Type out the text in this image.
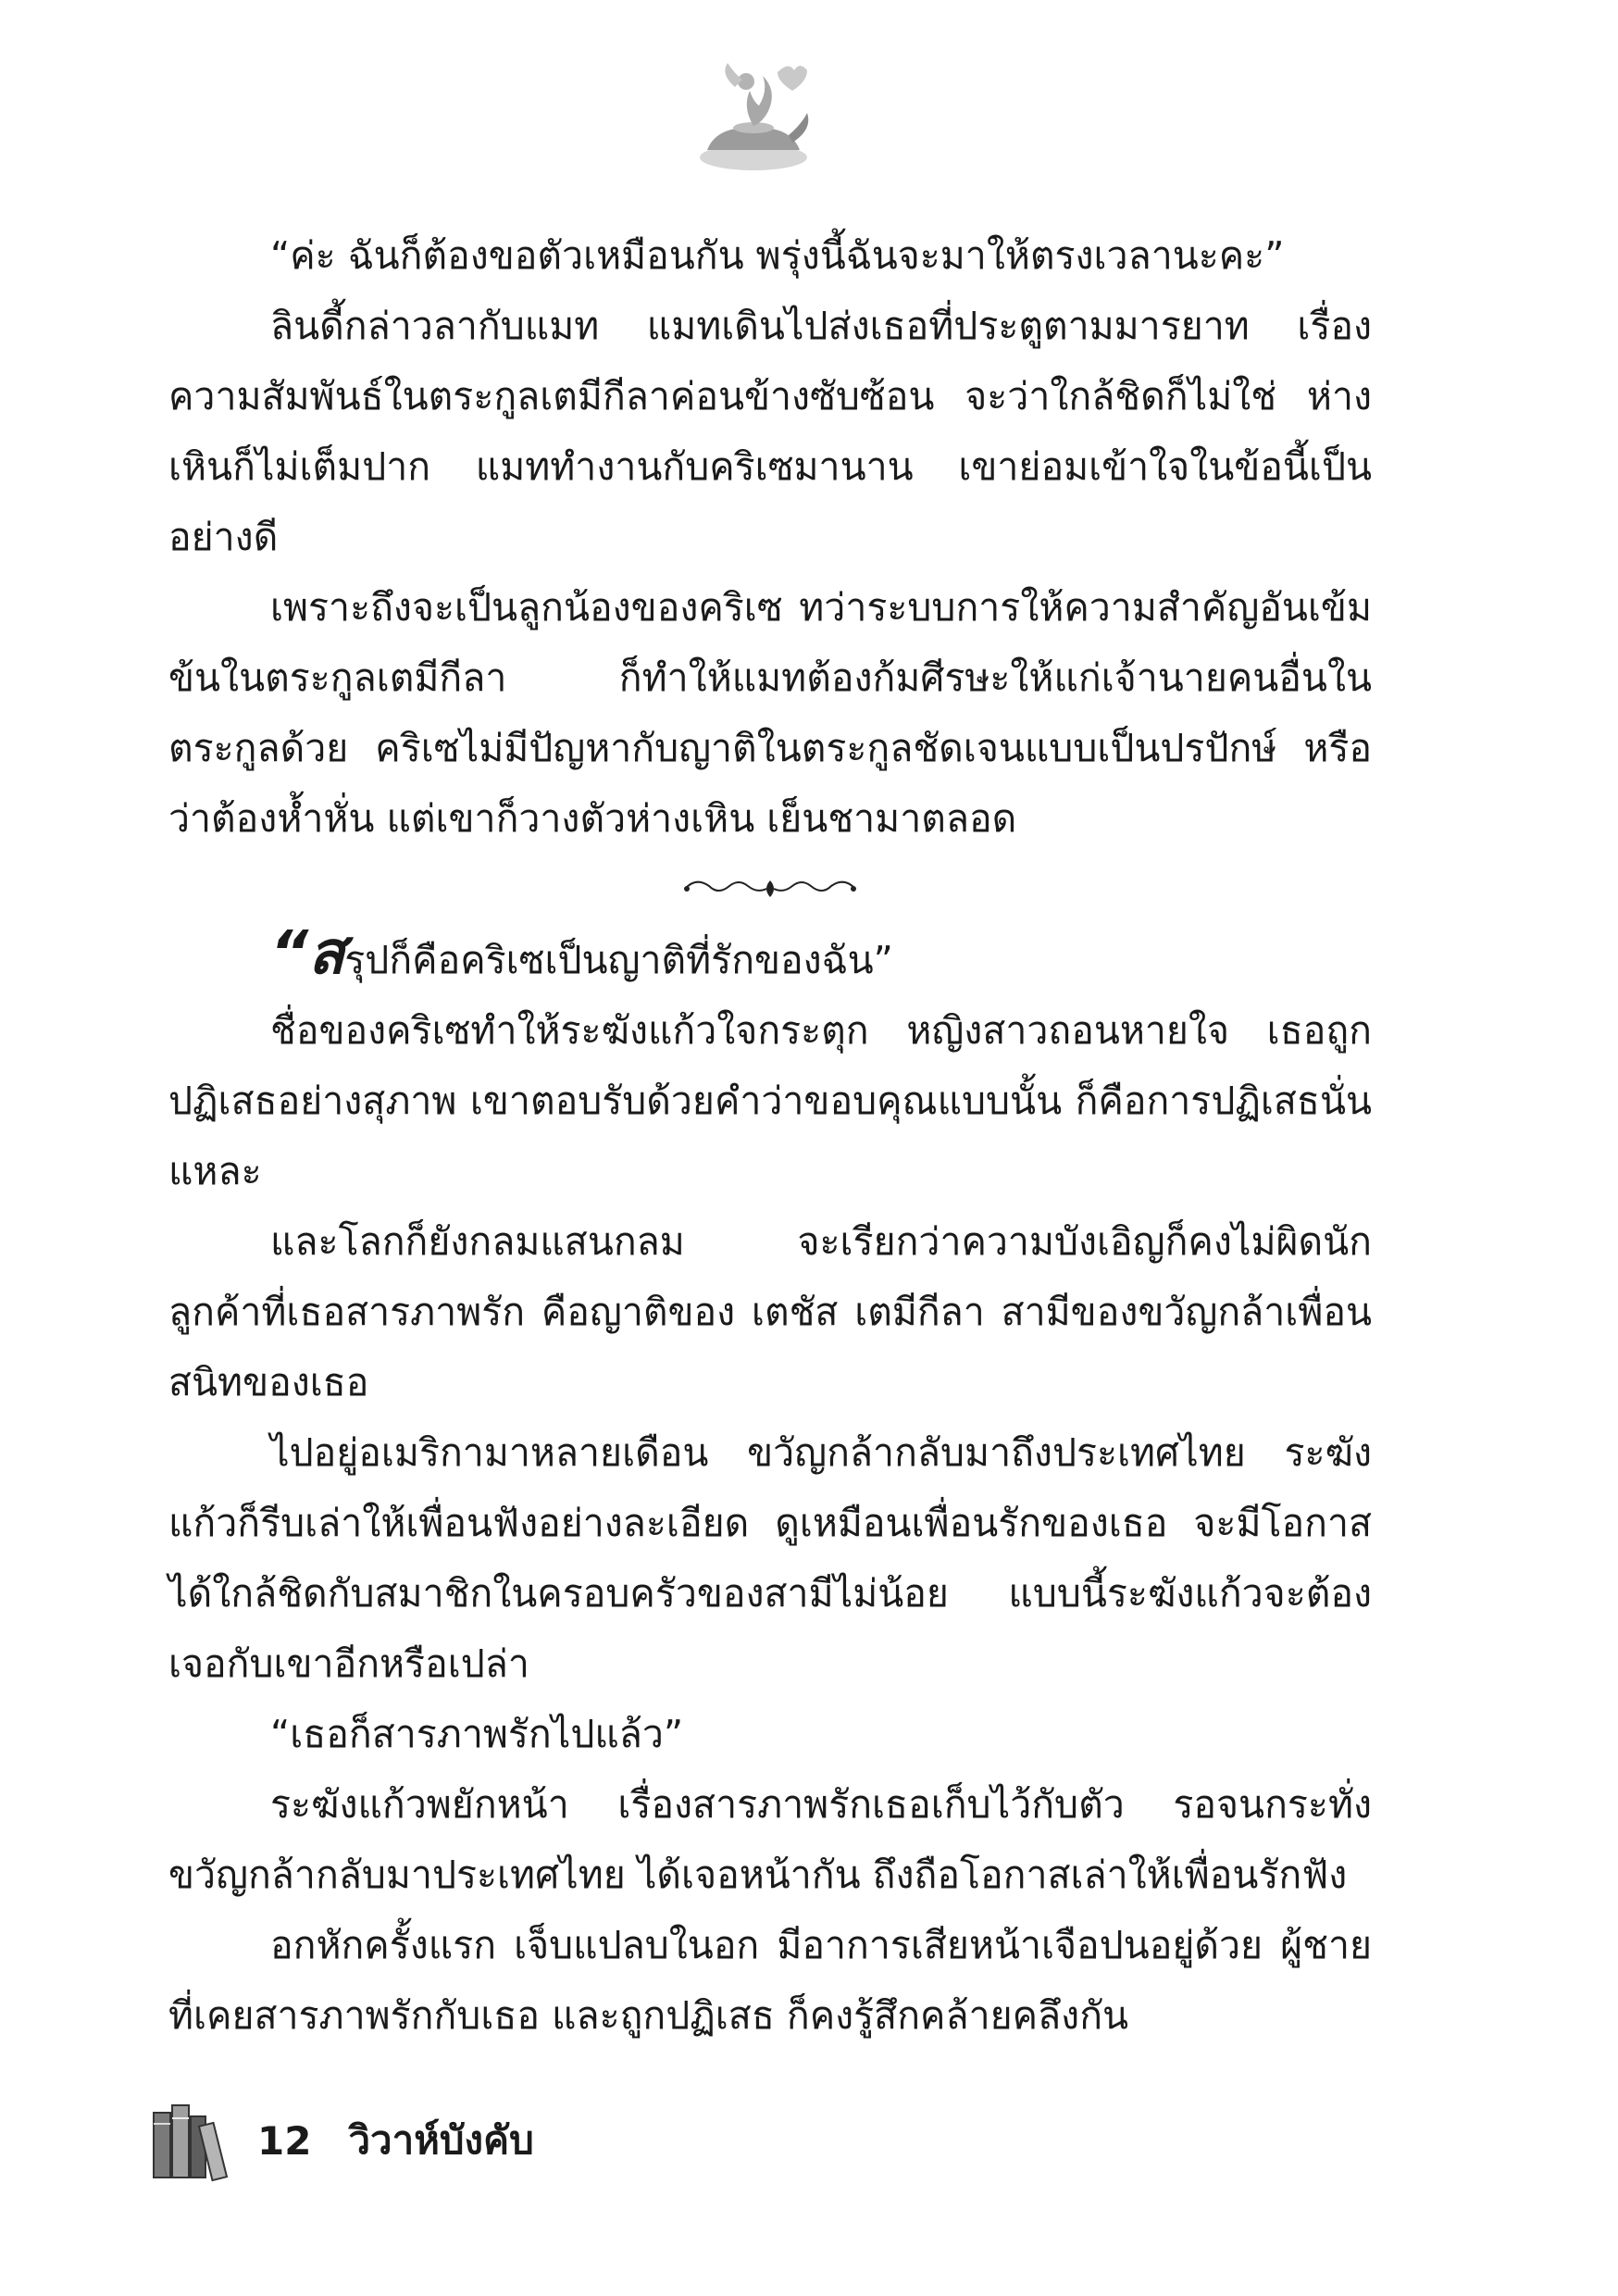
“ค่ะ ฉันก็ต้องขอตัวเหมือนกัน พรุ่งนี้ฉันจะมาให้ตรงเวลานะคะ”

ลินดี้กล่าวลากับแมท แมทเดินไปส่งเธอที่ประตูตามมารยาท เรื่องความสัมพันธ์ในตระกูลเตมีกีลาค่อนข้างซับซ้อน จะว่าใกล้ชิดก็ไม่ใช่ ห่างเหินก็ไม่เต็มปาก แมททำงานกับคริเซมานาน เขาย่อมเข้าใจในข้อนี้เป็นอย่างดี

เพราะถึงจะเป็นลูกน้องของคริเซ ทว่าระบบการให้ความสำคัญอันเข้มข้นในตระกูลเตมีกีลา ก็ทำให้แมทต้องก้มศีรษะให้แก่เจ้านายคนอื่นในตระกูลด้วย คริเซไม่มีปัญหากับญาติในตระกูลชัดเจนแบบเป็นปรปักษ์ หรือว่าต้องห้ำหั่น แต่เขาก็วางตัวห่างเหิน เย็นชามาตลอด

“สรุปก็คือคริเซเป็นญาติที่รักของฉัน”

ชื่อของคริเซทำให้ระฆังแก้วใจกระตุก หญิงสาวถอนหายใจ เธอถูกปฏิเสธอย่างสุภาพ เขาตอบรับด้วยคำว่าขอบคุณแบบนั้น ก็คือการปฏิเสธนั่นแหละ

และโลกก็ยังกลมแสนกลม จะเรียกว่าความบังเอิญก็คงไม่ผิดนัก ลูกค้าที่เธอสารภาพรัก คือญาติของ เตชัส เตมีกีลา สามีของขวัญกล้าเพื่อนสนิทของเธอ

ไปอยู่อเมริกามาหลายเดือน ขวัญกล้ากลับมาถึงประเทศไทย ระฆังแก้วก็รีบเล่าให้เพื่อนฟังอย่างละเอียด ดูเหมือนเพื่อนรักของเธอ จะมีโอกาสได้ใกล้ชิดกับสมาชิกในครอบครัวของสามีไม่น้อย แบบนี้ระฆังแก้วจะต้องเจอกับเขาอีกหรือเปล่า

“เธอก็สารภาพรักไปแล้ว”

ระฆังแก้วพยักหน้า เรื่องสารภาพรักเธอเก็บไว้กับตัว รอจนกระทั่งขวัญกล้ากลับมาประเทศไทย ได้เจอหน้ากัน ถึงถือโอกาสเล่าให้เพื่อนรักฟัง

อกหักครั้งแรก เจ็บแปลบในอก มีอาการเสียหน้าเจือปนอยู่ด้วย ผู้ชายที่เคยสารภาพรักกับเธอ และถูกปฏิเสธ ก็คงรู้สึกคล้ายคลึงกัน

12 วิวาห์บังคับ
